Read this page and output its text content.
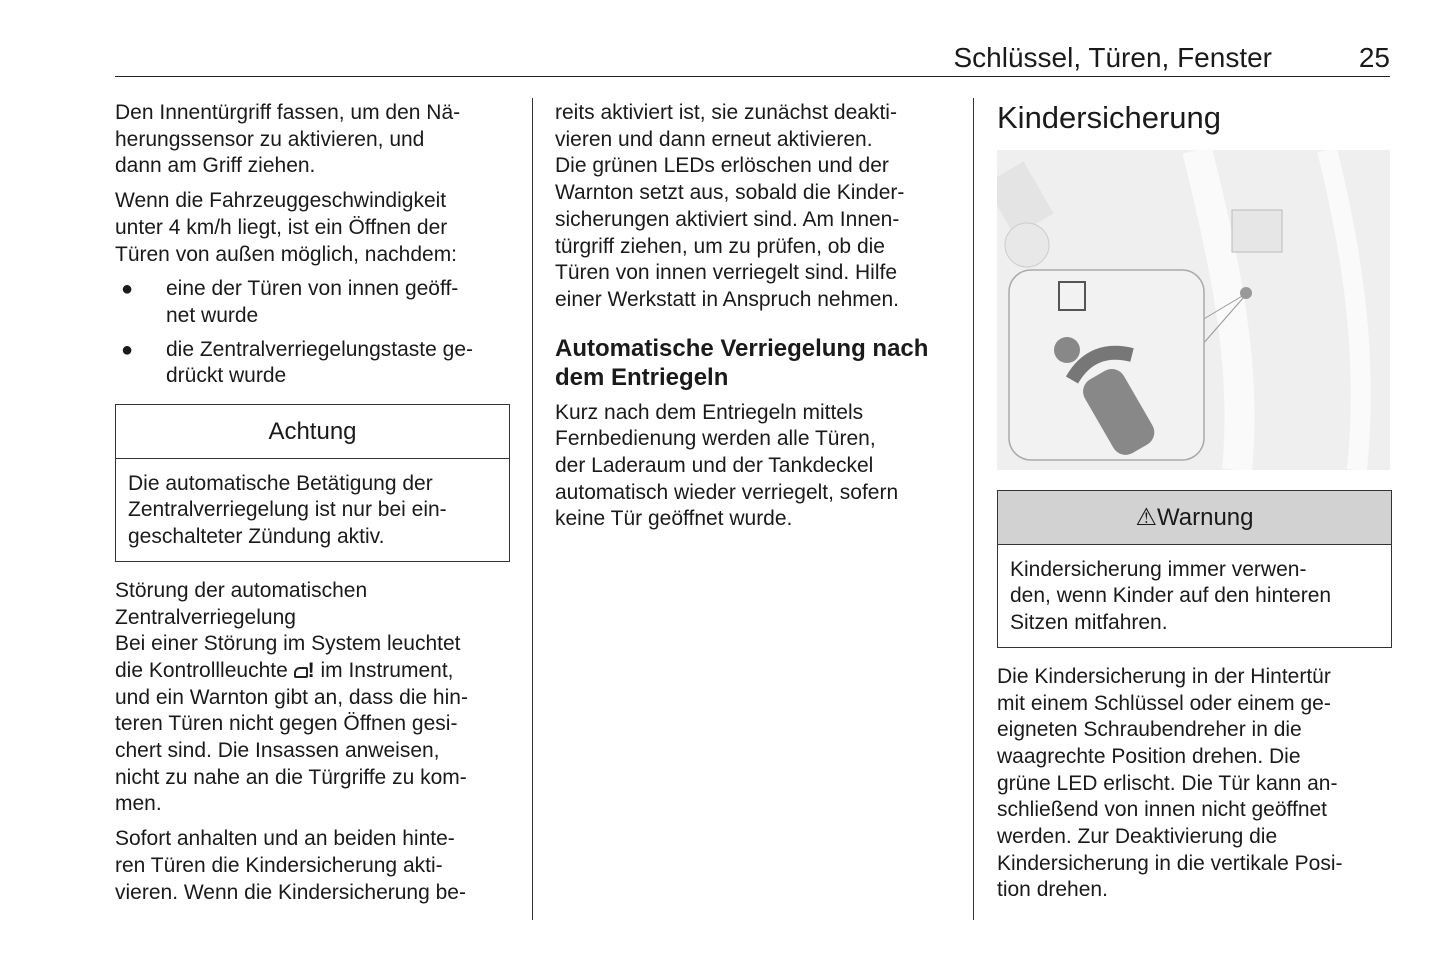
Schlüssel, Türen, Fenster	25

Den Innentürgriff fassen, um den Nä-
herungssensor zu aktivieren, und
dann am Griff ziehen.

Wenn die Fahrzeuggeschwindigkeit
unter 4 km/h liegt, ist ein Öffnen der
Türen von außen möglich, nachdem:

●	eine der Türen von innen geöff-
net wurde
●	die Zentralverriegelungstaste ge-
drückt wurde
Achtung
Die automatische Betätigung der
Zentralverriegelung ist nur bei ein-
geschalteter Zündung aktiv.
Störung der automatischen
Zentralverriegelung

Bei einer Störung im System leuchtet
die Kontrollleuchte ! im Instrument,
und ein Warnton gibt an, dass die hin-
teren Türen nicht gegen Öffnen gesi-
chert sind. Die Insassen anweisen,
nicht zu nahe an die Türgriffe zu kom-
men.

Sofort anhalten und an beiden hinte-
ren Türen die Kindersicherung akti-
vieren. Wenn die Kindersicherung be-

reits aktiviert ist, sie zunächst deakti-
vieren und dann erneut aktivieren.
Die grünen LEDs erlöschen und der
Warnton setzt aus, sobald die Kinder-
sicherungen aktiviert sind. Am Innen-
türgriff ziehen, um zu prüfen, ob die
Türen von innen verriegelt sind. Hilfe
einer Werkstatt in Anspruch nehmen.

Automatische Verriegelung nach
dem Entriegeln

Kurz nach dem Entriegeln mittels
Fernbedienung werden alle Türen,
der Laderaum und der Tankdeckel
automatisch wieder verriegelt, sofern
keine Tür geöffnet wurde.

Kindersicherung
⚠Warnung
Kindersicherung immer verwen-
den, wenn Kinder auf den hinteren
Sitzen mitfahren.

Die Kindersicherung in der Hintertür
mit einem Schlüssel oder einem ge-
eigneten Schraubendreher in die
waagrechte Position drehen. Die
grüne LED erlischt. Die Tür kann an-
schließend von innen nicht geöffnet
werden. Zur Deaktivierung die
Kindersicherung in die vertikale Posi-
tion drehen.
